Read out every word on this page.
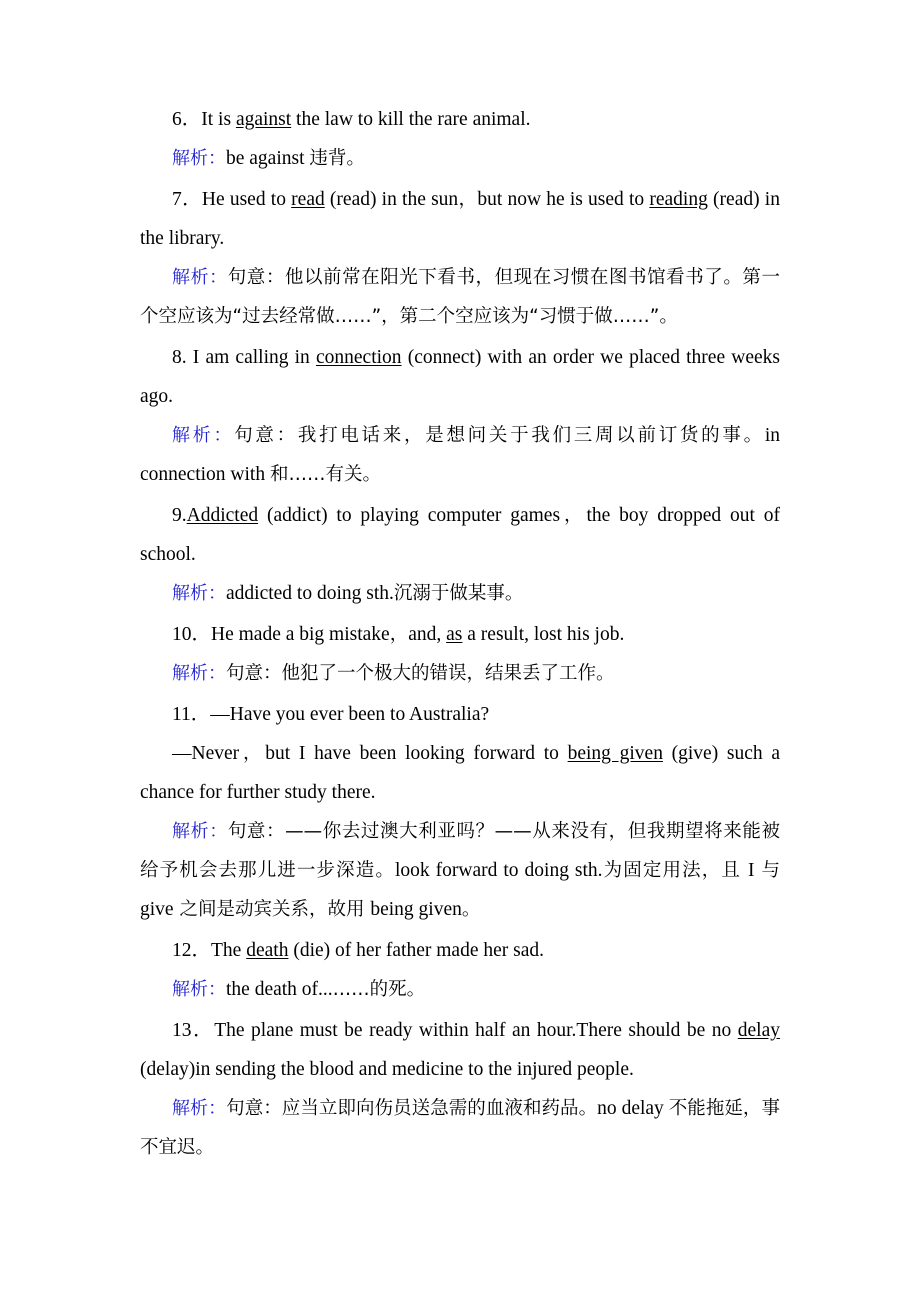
6．It is against the law to kill the rare animal.

解析：be against 违背。

7．He used to read (read) in the sun，but now he is used to reading (read) in the library.

解析：句意：他以前常在阳光下看书，但现在习惯在图书馆看书了。第一个空应该为“过去经常做……”，第二个空应该为“习惯于做……”。

8. I am calling in connection (connect) with an order we placed three weeks ago.

解析：句意：我打电话来，是想问关于我们三周以前订货的事。in connection with 和……有关。

9.Addicted (addict) to playing computer games，the boy dropped out of school.

解析：addicted to doing sth.沉溺于做某事。

10．He made a big mistake，and, as a result, lost his job.

解析：句意：他犯了一个极大的错误，结果丢了工作。

11．—Have you ever been to Australia?

—Never，but I have been looking forward to being given (give) such a chance for further study there.

解析：句意：——你去过澳大利亚吗？——从来没有，但我期望将来能被给予机会去那儿进一步深造。look forward to doing sth.为固定用法，且 I 与 give 之间是动宾关系，故用 being given。

12．The death (die) of her father made her sad.

解析：the death of...……的死。

13．The plane must be ready within half an hour.There should be no delay (delay)in sending the blood and medicine to the injured people.

解析：句意：应当立即向伤员送急需的血液和药品。no delay 不能拖延，事不宜迟。
